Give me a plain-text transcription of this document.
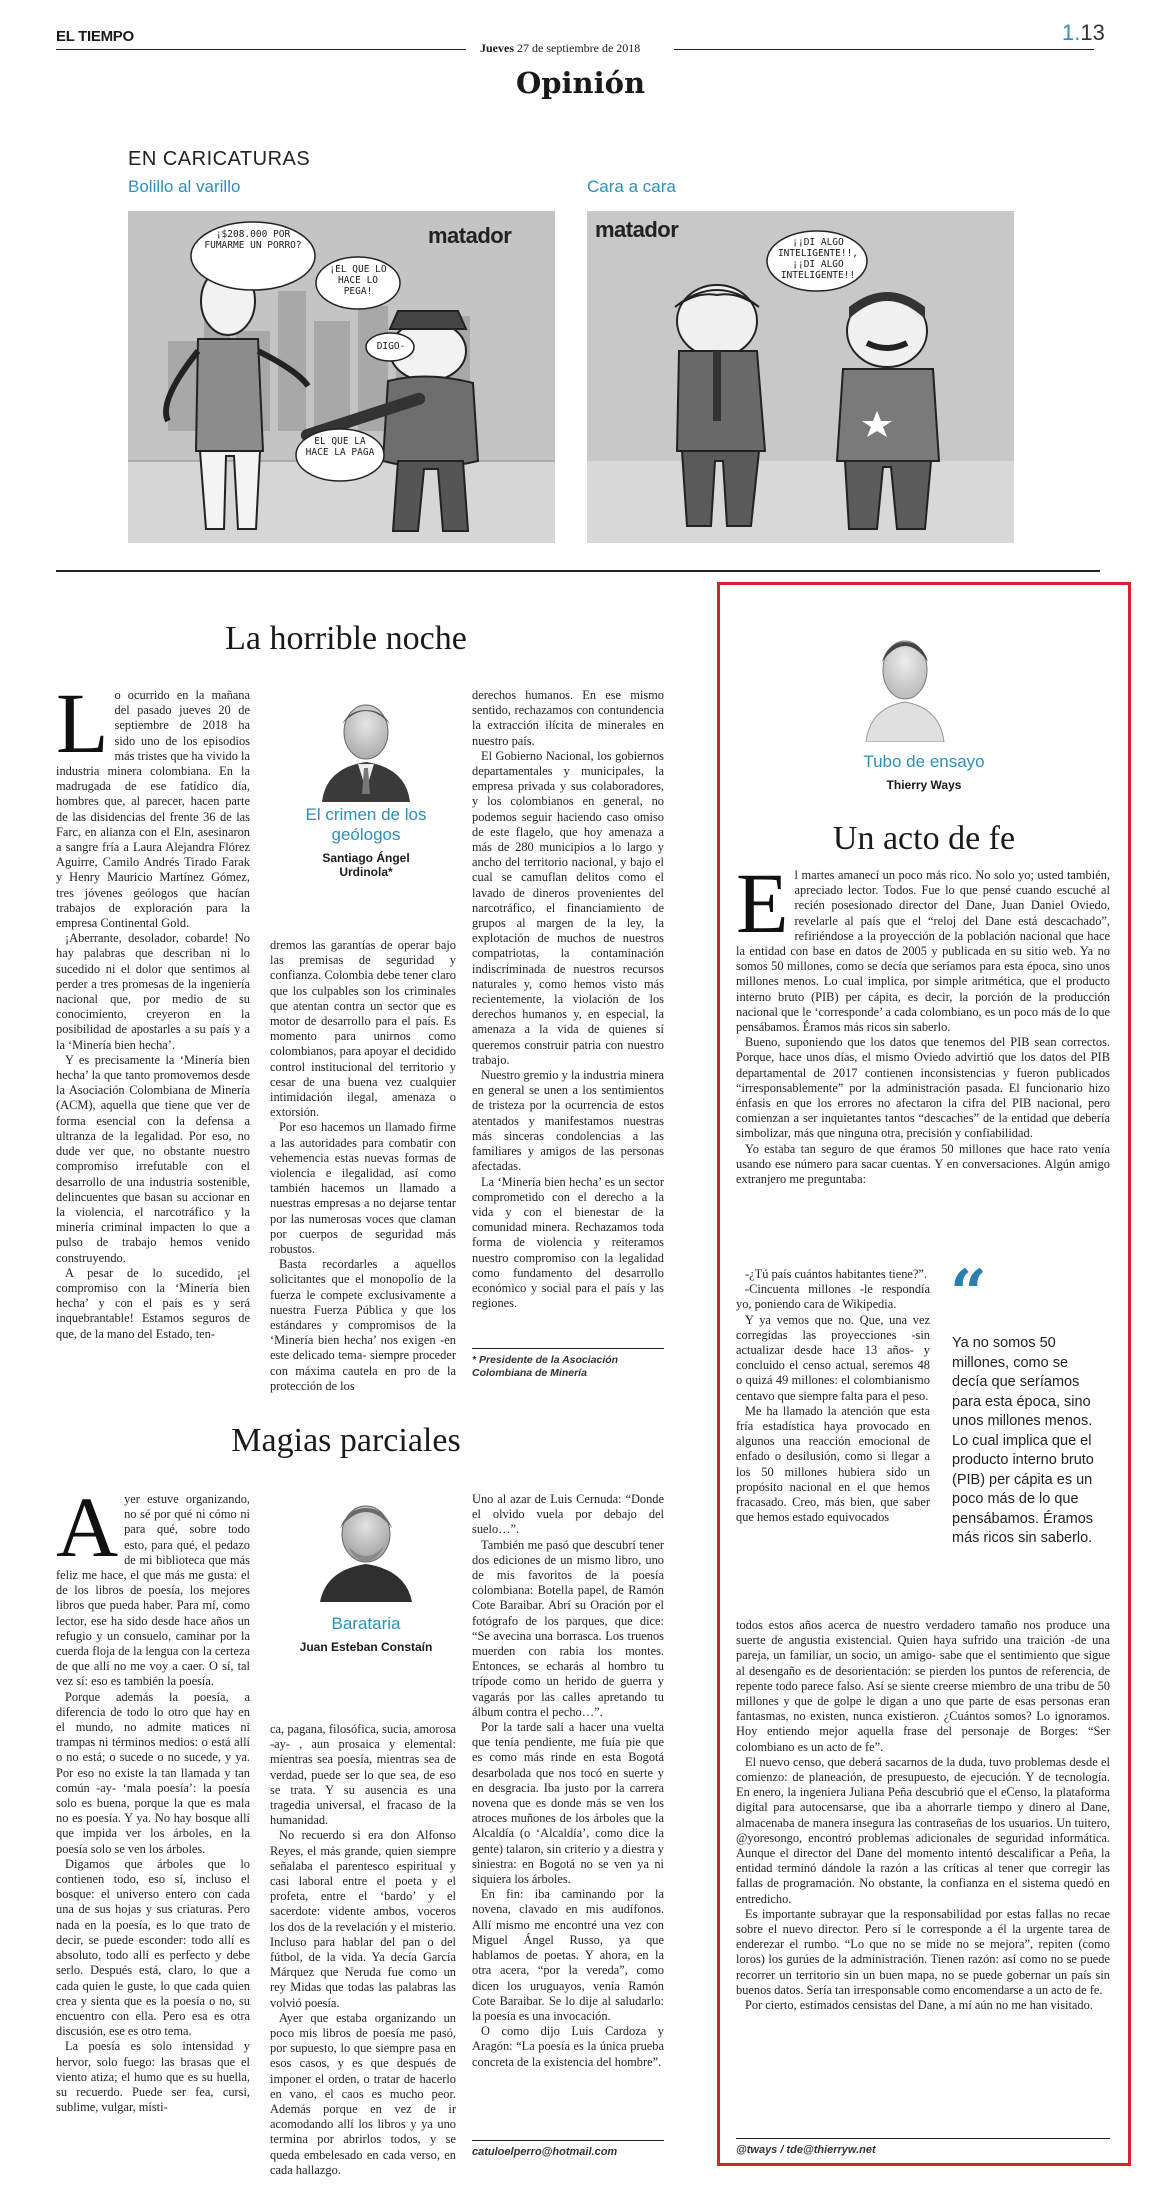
EL TIEMPO
Jueves 27 de septiembre de 2018
1.13
Opinión
EN CARICATURAS
Bolillo al varillo	Cara a cara
matador
¡$208.000 POR FUMARME UN PORRO?
¡EL QUE LO HACE LO PEGA!
DIGO-
EL QUE LA HACE LA PAGA
matador
¡¡DI ALGO INTELIGENTE!!, ¡¡DI ALGO INTELIGENTE!!
La horrible noche
L o ocurrido en la mañana del pasado jueves 20 de septiembre de 2018 ha sido uno de los episodios más tristes que ha vivido la industria minera colombiana. En la madrugada de ese fatídico día, hombres que, al parecer, hacen parte de las disidencias del frente 36 de las Farc, en alianza con el Eln, asesinaron a sangre fría a Laura Alejandra Flórez Aguirre, Camilo Andrés Tirado Farak y Henry Mauricio Martínez Gómez, tres jóvenes geólogos que hacían trabajos de exploración para la empresa Continental Gold.

¡Aberrante, desolador, cobarde! No hay palabras que describan ni lo sucedido ni el dolor que sentimos al perder a tres promesas de la ingeniería nacional que, por medio de su conocimiento, creyeron en la posibilidad de apostarles a su país y a la ‘Minería bien hecha’.

Y es precisamente la ‘Minería bien hecha’ la que tanto promovemos desde la Asociación Colombiana de Minería (ACM), aquella que tiene que ver de forma esencial con la defensa a ultranza de la legalidad. Por eso, no dude ver que, no obstante nuestro compromiso irrefutable con el desarrollo de una industria sostenible, delincuentes que basan su accionar en la violencia, el narcotráfico y la minería criminal impacten lo que a pulso de trabajo hemos venido construyendo.

A pesar de lo sucedido, ¡el compromiso con la ‘Minería bien hecha’ y con el país es y será inquebrantable! Estamos seguros de que, de la mano del Estado, ten-

El crimen de los geólogos
Santiago Ángel Urdinola*

dremos las garantías de operar bajo las premisas de seguridad y confianza. Colombia debe tener claro que los culpables son los criminales que atentan contra un sector que es motor de desarrollo para el país. Es momento para unirnos como colombianos, para apoyar el decidido control institucional del territorio y cesar de una buena vez cualquier intimidación ilegal, amenaza o extorsión.

Por eso hacemos un llamado firme a las autoridades para combatir con vehemencia estas nuevas formas de violencia e ilegalidad, así como también hacemos un llamado a nuestras empresas a no dejarse tentar por las numerosas voces que claman por cuerpos de seguridad más robustos.

Basta recordarles a aquellos solicitantes que el monopolio de la fuerza le compete exclusivamente a nuestra Fuerza Pública y que los estándares y compromisos de la ‘Minería bien hecha’ nos exigen -en este delicado tema- siempre proceder con máxima cautela en pro de la protección de los

derechos humanos. En ese mismo sentido, rechazamos con contundencia la extracción ilícita de minerales en nuestro país.

El Gobierno Nacional, los gobiernos departamentales y municipales, la empresa privada y sus colaboradores, y los colombianos en general, no podemos seguir haciendo caso omiso de este flagelo, que hoy amenaza a más de 280 municipios a lo largo y ancho del territorio nacional, y bajo el cual se camuflan delitos como el lavado de dineros provenientes del narcotráfico, el financiamiento de grupos al margen de la ley, la explotación de muchos de nuestros compatriotas, la contaminación indiscriminada de nuestros recursos naturales y, como hemos visto más recientemente, la violación de los derechos humanos y, en especial, la amenaza a la vida de quienes sí queremos construir patria con nuestro trabajo.

Nuestro gremio y la industria minera en general se unen a los sentimientos de tristeza por la ocurrencia de estos atentados y manifestamos nuestras más sinceras condolencias a las familiares y amigos de las personas afectadas.

La ‘Minería bien hecha’ es un sector comprometido con el derecho a la vida y con el bienestar de la comunidad minera. Rechazamos toda forma de violencia y reiteramos nuestro compromiso con la legalidad como fundamento del desarrollo económico y social para el país y las regiones.

* Presidente de la Asociación Colombiana de Minería
Magias parciales
A yer estuve organizando, no sé por qué ni cómo ni para qué, sobre todo esto, para qué, el pedazo de mi biblioteca que más feliz me hace, el que más me gusta: el de los libros de poesía, los mejores libros que pueda haber. Para mí, como lector, ese ha sido desde hace años un refugio y un consuelo, caminar por la cuerda floja de la lengua con la certeza de que allí no me voy a caer. O sí, tal vez sí: eso es también la poesía.

Porque además la poesía, a diferencia de todo lo otro que hay en el mundo, no admite matices ni trampas ni términos medios: o está allí o no está; o sucede o no sucede, y ya. Por eso no existe la tan llamada y tan común -ay- ‘mala poesía’: la poesía solo es buena, porque la que es mala no es poesía. Y ya. No hay bosque allí que impida ver los árboles, en la poesía solo se ven los árboles.

Digamos que árboles que lo contienen todo, eso sí, incluso el bosque: el universo entero con cada una de sus hojas y sus criaturas. Pero nada en la poesía, es lo que trato de decir, se puede esconder: todo allí es absoluto, todo allí es perfecto y debe serlo. Después está, claro, lo que a cada quien le guste, lo que cada quien crea y sienta que es la poesía o no, su encuentro con ella. Pero esa es otra discusión, ese es otro tema.

La poesía es solo intensidad y hervor, solo fuego: las brasas que el viento atiza; el humo que es su huella, su recuerdo. Puede ser fea, cursi, sublime, vulgar, místi-

Barataria
Juan Esteban Constaín

ca, pagana, filosófica, sucia, amorosa -ay- , aun prosaica y elemental: mientras sea poesía, mientras sea de verdad, puede ser lo que sea, de eso se trata. Y su ausencia es una tragedia universal, el fracaso de la humanidad.

No recuerdo si era don Alfonso Reyes, el más grande, quien siempre señalaba el parentesco espiritual y casi laboral entre el poeta y el profeta, entre el ‘bardo’ y el sacerdote: vidente ambos, voceros los dos de la revelación y el misterio. Incluso para hablar del pan o del fútbol, de la vida. Ya decía García Márquez que Neruda fue como un rey Midas que todas las palabras las volvió poesía.

Ayer que estaba organizando un poco mis libros de poesía me pasó, por supuesto, lo que siempre pasa en esos casos, y es que después de imponer el orden, o tratar de hacerlo en vano, el caos es mucho peor. Además porque en vez de ir acomodando allí los libros y ya uno termina por abrirlos todos, y se queda embelesado en cada verso, en cada hallazgo.

Uno al azar de Luis Cernuda: “Donde el olvido vuela por debajo del suelo…”.

También me pasó que descubrí tener dos ediciones de un mismo libro, uno de mis favoritos de la poesía colombiana: Botella papel, de Ramón Cote Baraibar. Abrí su Oración por el fotógrafo de los parques, que dice: “Se avecina una borrasca. Los truenos muerden con rabia los montes. Entonces, se echarás al hombro tu trípode como un herido de guerra y vagarás por las calles apretando tu álbum contra el pecho…”.

Por la tarde salí a hacer una vuelta que tenía pendiente, me fuía pie que es como más rinde en esta Bogotá desarbolada que nos tocó en suerte y en desgracia. Iba justo por la carrera novena que es donde más se ven los atroces muñones de los árboles que la Alcaldía (o ‘Alcaldía’, como dice la gente) talaron, sin criterio y a diestra y siniestra: en Bogotá no se ven ya ni siquiera los árboles.

En fin: iba caminando por la novena, clavado en mis audífonos. Allí mismo me encontré una vez con Miguel Ángel Russo, ya que hablamos de poetas. Y ahora, en la otra acera, “por la vereda”, como dicen los uruguayos, venía Ramón Cote Baraibar. Se lo dije al saludarlo: la poesía es una invocación.

O como dijo Luis Cardoza y Aragón: “La poesía es la única prueba concreta de la existencia del hombre”.

catuloelperro@hotmail.com
Tubo de ensayo
Thierry Ways
Un acto de fe
E l martes amanecí un poco más rico. No solo yo; usted también, apreciado lector. Todos. Fue lo que pensé cuando escuché al recién posesionado director del Dane, Juan Daniel Oviedo, revelarle al país que el “reloj del Dane está descachado”, refiriéndose a la proyección de la población nacional que hace la entidad con base en datos de 2005 y publicada en su sitio web. Ya no somos 50 millones, como se decía que seríamos para esta época, sino unos millones menos. Lo cual implica, por simple aritmética, que el producto interno bruto (PIB) per cápita, es decir, la porción de la producción nacional que le ‘corresponde’ a cada colombiano, es un poco más de lo que pensábamos. Éramos más ricos sin saberlo.

Bueno, suponiendo que los datos que tenemos del PIB sean correctos. Porque, hace unos días, el mismo Oviedo advirtió que los datos del PIB departamental de 2017 contienen inconsistencias y fueron publicados “irresponsablemente” por la administración pasada. El funcionario hizo énfasis en que los errores no afectaron la cifra del PIB nacional, pero comienzan a ser inquietantes tantos “descaches” de la entidad que debería simbolizar, más que ninguna otra, precisión y confiabilidad.

Yo estaba tan seguro de que éramos 50 millones que hace rato venía usando ese número para sacar cuentas. Y en conversaciones. Algún amigo extranjero me preguntaba:

-¿Tú país cuántos habitantes tiene?”.

-Cincuenta millones -le respondía yo, poniendo cara de Wikipedia.

Y ya vemos que no. Que, una vez corregidas las proyecciones -sin actualizar desde hace 13 años- y concluido el censo actual, seremos 48 o quizá 49 millones: el colombianismo centavo que siempre falta para el peso.

Me ha llamado la atención que esta fría estadística haya provocado en algunos una reacción emocional de enfado o desilusión, como si llegar a los 50 millones hubiera sido un propósito nacional en el que hemos fracasado. Creo, más bien, que saber que hemos estado equivocados

“
Ya no somos 50 millones, como se decía que seríamos para esta época, sino unos millones menos. Lo cual implica que el producto interno bruto (PIB) per cápita es un poco más de lo que pensábamos. Éramos más ricos sin saberlo.

todos estos años acerca de nuestro verdadero tamaño nos produce una suerte de angustia existencial. Quien haya sufrido una traición -de una pareja, un familiar, un socio, un amigo- sabe que el sentimiento que sigue al desengaño es de desorientación: se pierden los puntos de referencia, de repente todo parece falso. Así se siente creerse miembro de una tribu de 50 millones y que de golpe le digan a uno que parte de esas personas eran fantasmas, no existen, nunca existieron. ¿Cuántos somos? Lo ignoramos. Hoy entiendo mejor aquella frase del personaje de Borges: “Ser colombiano es un acto de fe”.

El nuevo censo, que deberá sacarnos de la duda, tuvo problemas desde el comienzo: de planeación, de presupuesto, de ejecución. Y de tecnología. En enero, la ingeniera Juliana Peña descubrió que el eCenso, la plataforma digital para autocensarse, que iba a ahorrarle tiempo y dinero al Dane, almacenaba de manera insegura las contraseñas de los usuarios. Un tuitero, @yoresongo, encontró problemas adicionales de seguridad informática. Aunque el director del Dane del momento intentó descalificar a Peña, la entidad terminó dándole la razón a las críticas al tener que corregir las fallas de programación. No obstante, la confianza en el sistema quedó en entredicho.

Es importante subrayar que la responsabilidad por estas fallas no recae sobre el nuevo director. Pero sí le corresponde a él la urgente tarea de enderezar el rumbo. “Lo que no se mide no se mejora”, repiten (como loros) los gurúes de la administración. Tienen razón: así como no se puede recorrer un territorio sin un buen mapa, no se puede gobernar un país sin buenos datos. Sería tan irresponsable como encomendarse a un acto de fe.

Por cierto, estimados censistas del Dane, a mí aún no me han visitado.

@tways / tde@thierryw.net
